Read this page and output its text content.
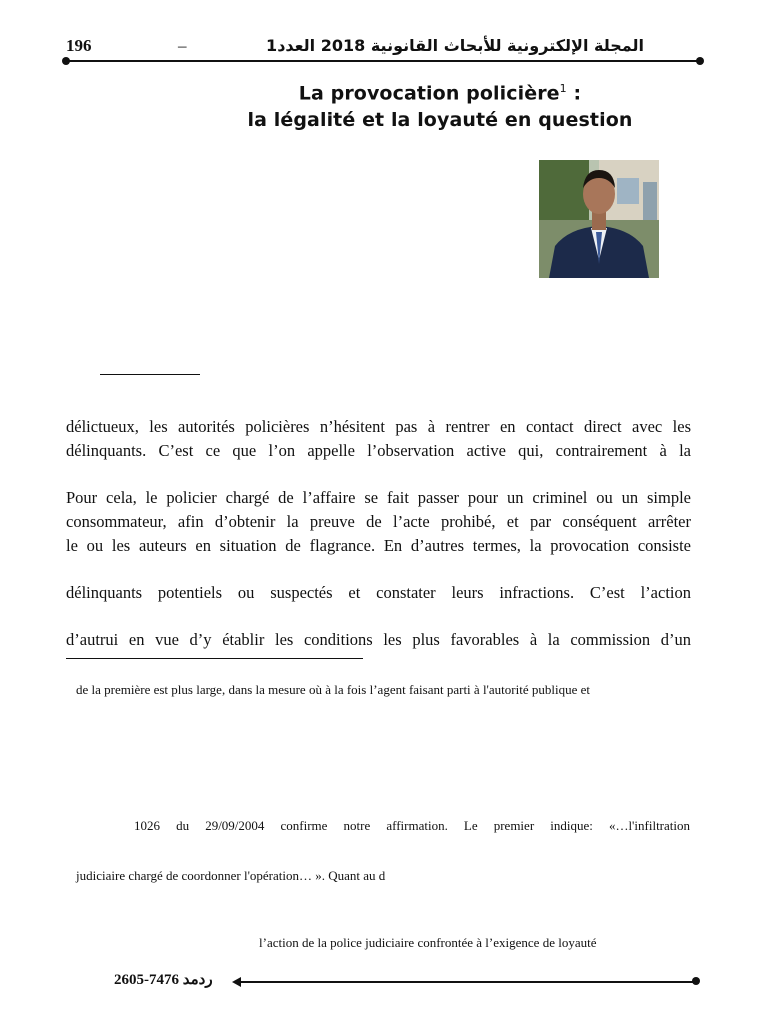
196	–	المجلة الإلكترونية للأبحاث القانونية 2018 العدد1
La provocation policière$^1$ :
la légalité et la loyauté en question
délictueux, les autorités policières n’hésitent pas à rentrer en contact direct avec les
délinquants. C’est ce que l’on appelle l’observation active qui, contrairement à la
Pour cela, le policier chargé de l’affaire se fait passer pour un criminel ou un simple
consommateur, afin d’obtenir la preuve de l’acte prohibé, et par conséquent arrêter
le ou les auteurs en situation de flagrance. En d’autres termes, la provocation consiste
délinquants potentiels ou suspectés et constater leurs infractions. C’est l’action
d’autrui en vue d’y établir les conditions les plus favorables à la commission d’un
de la première est plus large, dans la mesure où à la fois l’agent faisant parti à l'autorité publique et
1026 du 29/09/2004 confirme notre affirmation. Le premier indique: «…l'infiltration
judiciaire chargé de coordonner l'opération… ». Quant au d
l’action de la police judiciaire confrontée à l’exigence de loyauté
ردمد 7476-2605
